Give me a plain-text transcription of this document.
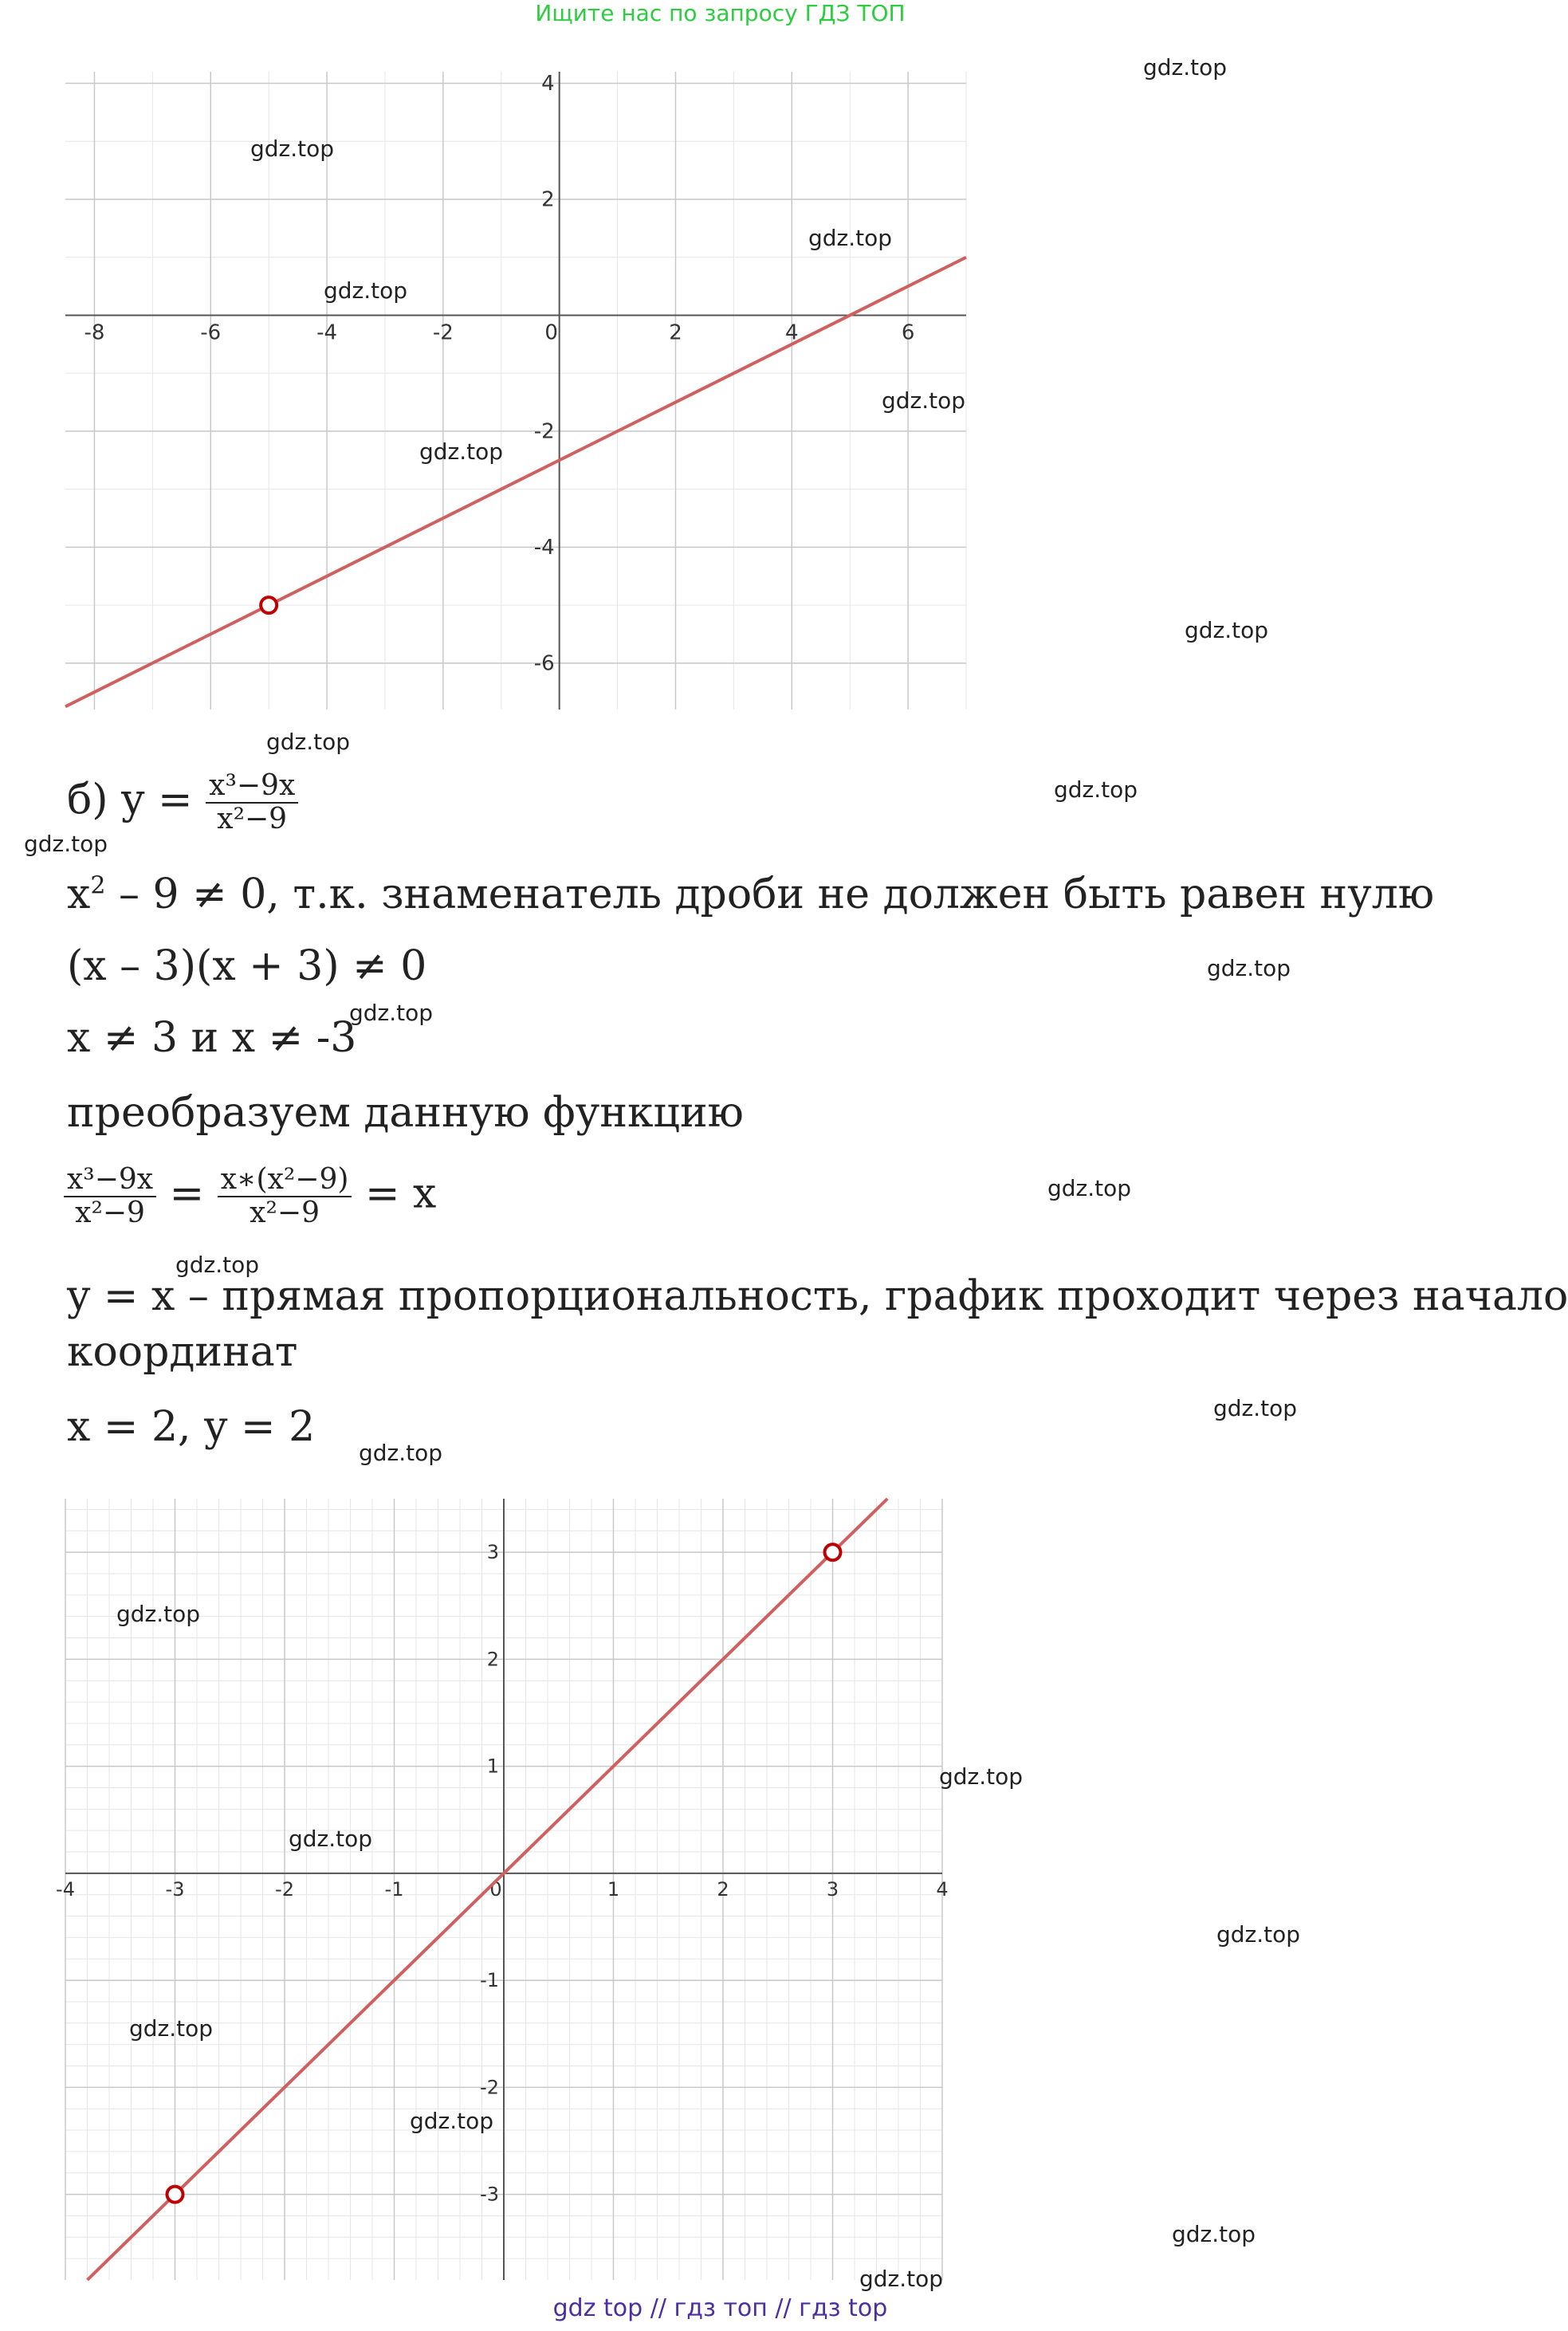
Ищите нас по запросу ГДЗ ТОП
-8	-6	-4	-2	0	2	4	6
-6
-4
-2
2
4
б) $y = \frac{\text{x³−9x}}{\text{x²−9}}$
$x^2 - 9 \ne 0$, т.к. знаменатель дроби не должен быть равен нулю
(x – 3)(x + 3) ≠ 0
x ≠ 3 и x ≠ -3
преобразуем данную функцию
$\frac{\text{x³−9x}}{\text{x²−9}} = \frac{\text{x∗(x²−9)}}{\text{x²−9}} = x$
y = x – прямая пропорциональность, график проходит через начало
координат
x = 2, y = 2
-4	-3	-2	-1	0	1	2	3	4
-3
-2
-1
1
2
3
gdz.top
gdz.top
gdz.top
gdz.top
gdz.top
gdz.top
gdz.top
gdz.top
gdz.top
gdz.top
gdz.top
gdz.top
gdz.top
gdz.top
gdz.top
gdz.top
gdz.top
gdz.top
gdz.top
gdz.top
gdz.top
gdz.top
gdz.top
gdz.top
gdz top // гдз топ // гдз top
